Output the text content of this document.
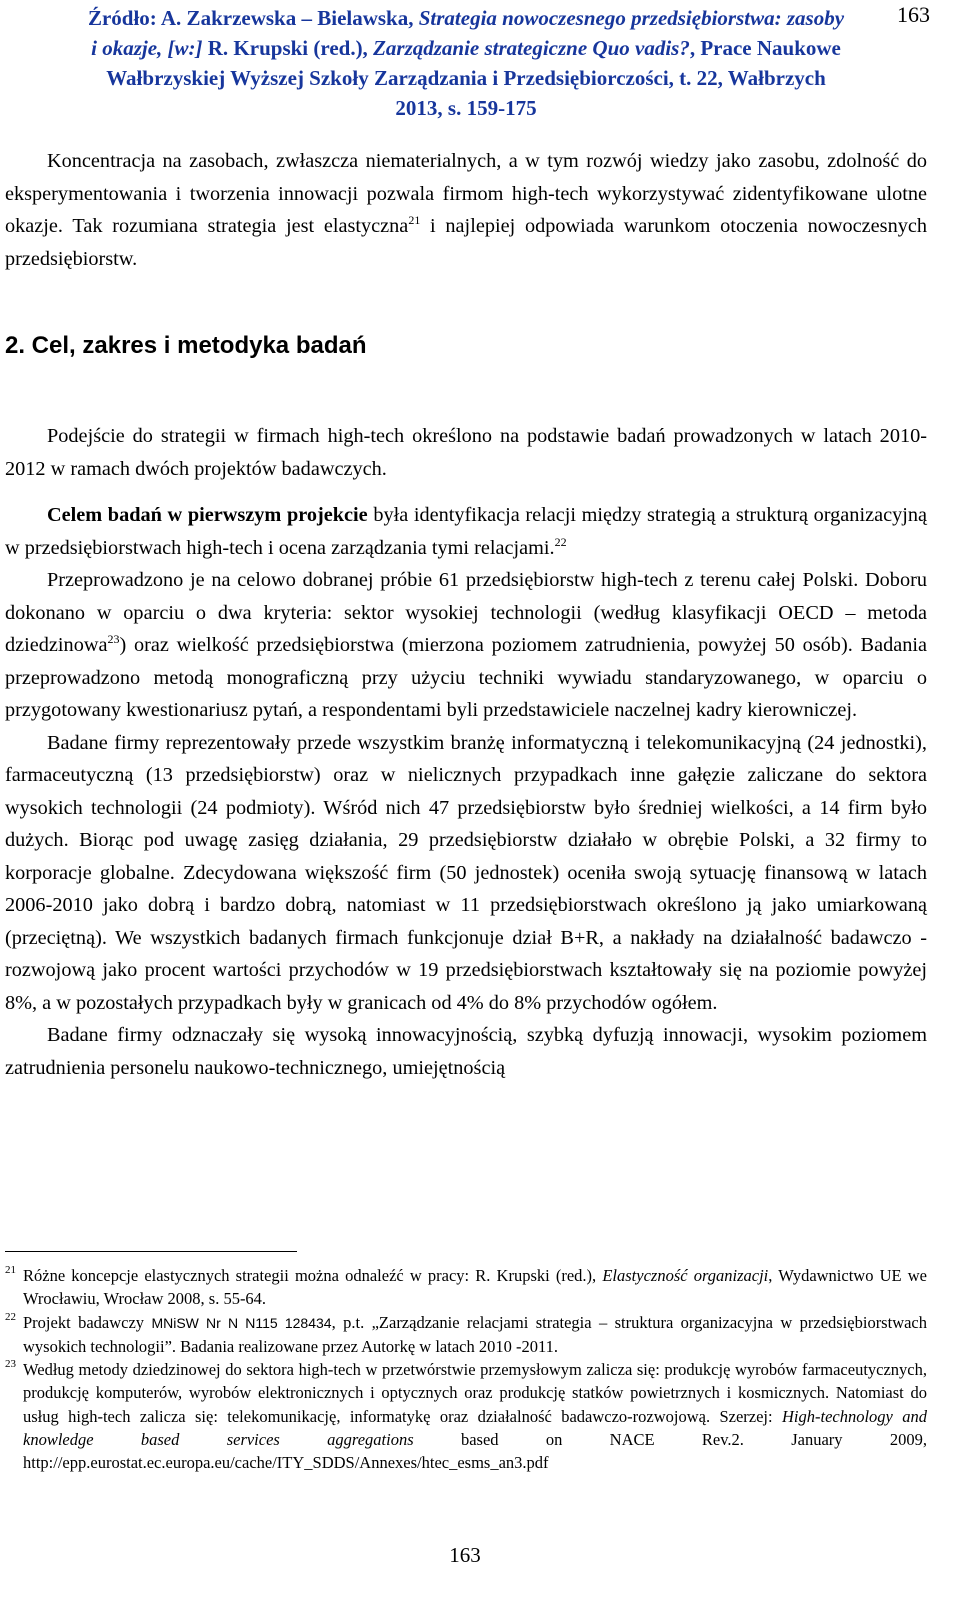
Źródło: A. Zakrzewska – Bielawska, Strategia nowoczesnego przedsiębiorstwa: zasoby
i okazje, [w:] R. Krupski (red.), Zarządzanie strategiczne Quo vadis?, Prace Naukowe
Wałbrzyskiej Wyższej Szkoły Zarządzania i Przedsiębiorczości, t. 22, Wałbrzych
2013, s. 159-175
163

Koncentracja na zasobach, zwłaszcza niematerialnych, a w tym rozwój wiedzy jako zasobu, zdolność do eksperymentowania i tworzenia innowacji pozwala firmom high-tech wykorzystywać zidentyfikowane ulotne okazje. Tak rozumiana strategia jest elastyczna$^{21}$ i najlepiej odpowiada warunkom otoczenia nowoczesnych przedsiębiorstw.

2. Cel, zakres i metodyka badań

Podejście do strategii w firmach high-tech określono na podstawie badań prowadzonych w latach 2010-2012 w ramach dwóch projektów badawczych.

Celem badań w pierwszym projekcie była identyfikacja relacji między strategią a strukturą organizacyjną w przedsiębiorstwach high-tech i ocena zarządzania tymi relacjami.$^{22}$

Przeprowadzono je na celowo dobranej próbie 61 przedsiębiorstw high-tech z terenu całej Polski. Doboru dokonano w oparciu o dwa kryteria: sektor wysokiej technologii (według klasyfikacji OECD – metoda dziedzinowa$^{23}$) oraz wielkość przedsiębiorstwa (mierzona poziomem zatrudnienia, powyżej 50 osób). Badania przeprowadzono metodą monograficzną przy użyciu techniki wywiadu standaryzowanego, w oparciu o przygotowany kwestionariusz pytań, a respondentami byli przedstawiciele naczelnej kadry kierowniczej.

Badane firmy reprezentowały przede wszystkim branżę informatyczną i telekomunikacyjną (24 jednostki), farmaceutyczną (13 przedsiębiorstw) oraz w nielicznych przypadkach inne gałęzie zaliczane do sektora wysokich technologii (24 podmioty). Wśród nich 47 przedsiębiorstw było średniej wielkości, a 14 firm było dużych. Biorąc pod uwagę zasięg działania, 29 przedsiębiorstw działało w obrębie Polski, a 32 firmy to korporacje globalne. Zdecydowana większość firm (50 jednostek) oceniła swoją sytuację finansową w latach 2006-2010 jako dobrą i bardzo dobrą, natomiast w 11 przedsiębiorstwach określono ją jako umiarkowaną (przeciętną). We wszystkich badanych firmach funkcjonuje dział B+R, a nakłady na działalność badawczo - rozwojową jako procent wartości przychodów w 19 przedsiębiorstwach kształtowały się na poziomie powyżej 8%, a w pozostałych przypadkach były w granicach od 4% do 8% przychodów ogółem.

Badane firmy odznaczały się wysoką innowacyjnością, szybką dyfuzją innowacji, wysokim poziomem zatrudnienia personelu naukowo-technicznego, umiejętnością

21 Różne koncepcje elastycznych strategii można odnaleźć w pracy: R. Krupski (red.), Elastyczność organizacji, Wydawnictwo UE we Wrocławiu, Wrocław 2008, s. 55-64.

22 Projekt badawczy MNiSW Nr N N115 128434, p.t. „Zarządzanie relacjami strategia – struktura organizacyjna w przedsiębiorstwach wysokich technologii”. Badania realizowane przez Autorkę w latach 2010 -2011.

23 Według metody dziedzinowej do sektora high-tech w przetwórstwie przemysłowym zalicza się: produkcję wyrobów farmaceutycznych, produkcję komputerów, wyrobów elektronicznych i optycznych oraz produkcję statków powietrznych i kosmicznych. Natomiast do usług high-tech zalicza się: telekomunikację, informatykę oraz działalność badawczo-rozwojową. Szerzej: High-technology and knowledge based services aggregations based on NACE Rev.2. January 2009, http://epp.eurostat.ec.europa.eu/cache/ITY_SDDS/Annexes/htec_esms_an3.pdf

163
